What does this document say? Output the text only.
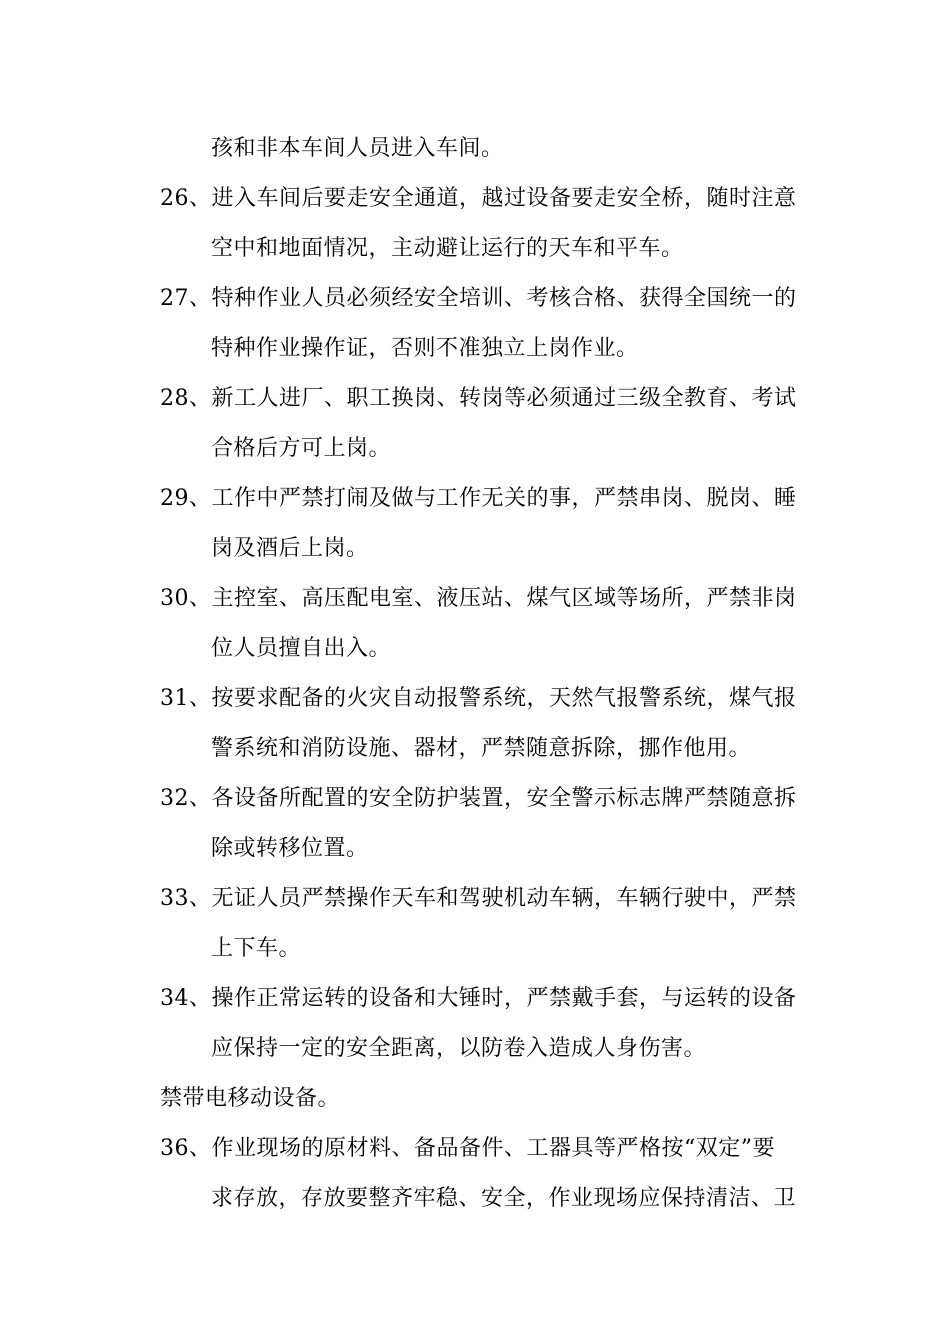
孩和非本车间人员进入车间。
26、进入车间后要走安全通道，越过设备要走安全桥，随时注意
空中和地面情况，主动避让运行的天车和平车。
27、特种作业人员必须经安全培训、考核合格、获得全国统一的
特种作业操作证，否则不准独立上岗作业。
28、新工人进厂、职工换岗、转岗等必须通过三级全教育、考试
合格后方可上岗。
29、工作中严禁打闹及做与工作无关的事，严禁串岗、脱岗、睡
岗及酒后上岗。
30、主控室、高压配电室、液压站、煤气区域等场所，严禁非岗
位人员擅自出入。
31、按要求配备的火灾自动报警系统，天然气报警系统，煤气报
警系统和消防设施、器材，严禁随意拆除，挪作他用。
32、各设备所配置的安全防护装置，安全警示标志牌严禁随意拆
除或转移位置。
33、无证人员严禁操作天车和驾驶机动车辆，车辆行驶中，严禁
上下车。
34、操作正常运转的设备和大锤时，严禁戴手套，与运转的设备
应保持一定的安全距离，以防卷入造成人身伤害。
禁带电移动设备。
36、作业现场的原材料、备品备件、工器具等严格按“双定”要
求存放，存放要整齐牢稳、安全，作业现场应保持清洁、卫
